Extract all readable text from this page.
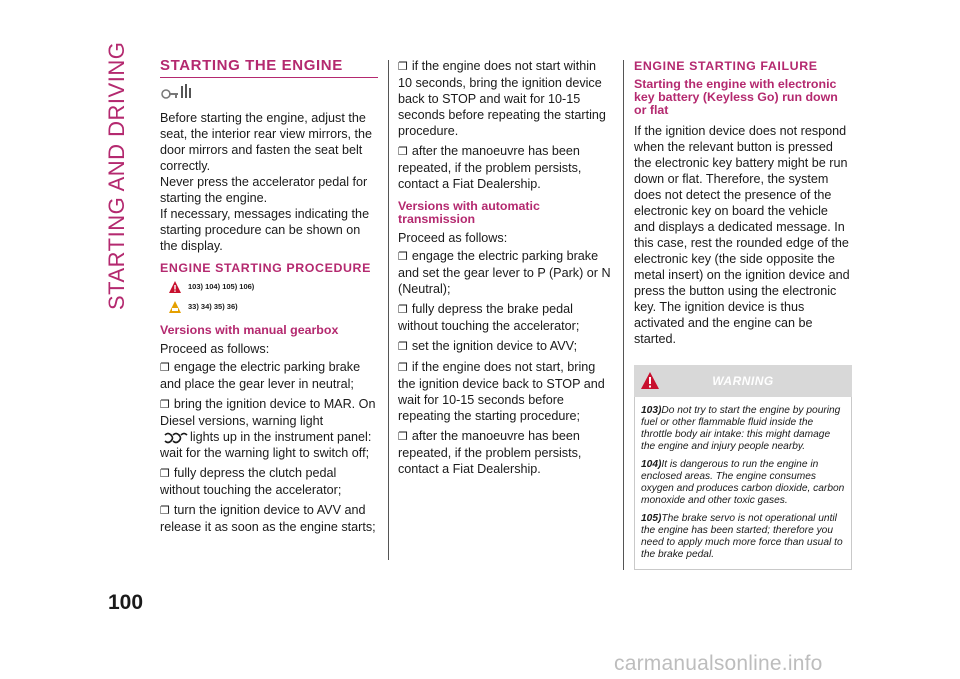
STARTING AND DRIVING
100
STARTING THE ENGINE

Before starting the engine, adjust the seat, the interior rear view mirrors, the door mirrors and fasten the seat belt correctly.

Never press the accelerator pedal for starting the engine.

If necessary, messages indicating the starting procedure can be shown on the display.

ENGINE STARTING PROCEDURE
103) 104) 105) 106)
33) 34) 35) 36)
Versions with manual gearbox

Proceed as follows:

❐ engage the electric parking brake and place the gear lever in neutral;
❐ bring the ignition device to MAR. On Diesel versions, warning light
lights up in the instrument panel: wait for the warning light to switch off;
❐ fully depress the clutch pedal without touching the accelerator;
❐ turn the ignition device to AVV and release it as soon as the engine starts;
❐ if the engine does not start within 10 seconds, bring the ignition device back to STOP and wait for 10-15 seconds before repeating the starting procedure.
❐ after the manoeuvre has been repeated, if the problem persists, contact a Fiat Dealership.
Versions with automatic transmission

Proceed as follows:

❐ engage the electric parking brake and set the gear lever to P (Park) or N (Neutral);
❐ fully depress the brake pedal without touching the accelerator;
❐ set the ignition device to AVV;
❐ if the engine does not start, bring the ignition device back to STOP and wait for 10-15 seconds before repeating the starting procedure;
❐ after the manoeuvre has been repeated, if the problem persists, contact a Fiat Dealership.
ENGINE STARTING FAILURE
Starting the engine with electronic key battery (Keyless Go) run down or flat

If the ignition device does not respond when the relevant button is pressed the electronic key battery might be run down or flat. Therefore, the system does not detect the presence of the electronic key on board the vehicle and displays a dedicated message. In this case, rest the rounded edge of the electronic key (the side opposite the metal insert) on the ignition device and press the button using the electronic key. The ignition device is thus activated and the engine can be started.

WARNING
103)Do not try to start the engine by pouring fuel or other flammable fluid inside the throttle body air intake: this might damage the engine and injury people nearby.
104)It is dangerous to run the engine in enclosed areas. The engine consumes oxygen and produces carbon dioxide, carbon monoxide and other toxic gases.
105)The brake servo is not operational until the engine has been started; therefore you need to apply much more force than usual to the brake pedal.
carmanualsonline.info
